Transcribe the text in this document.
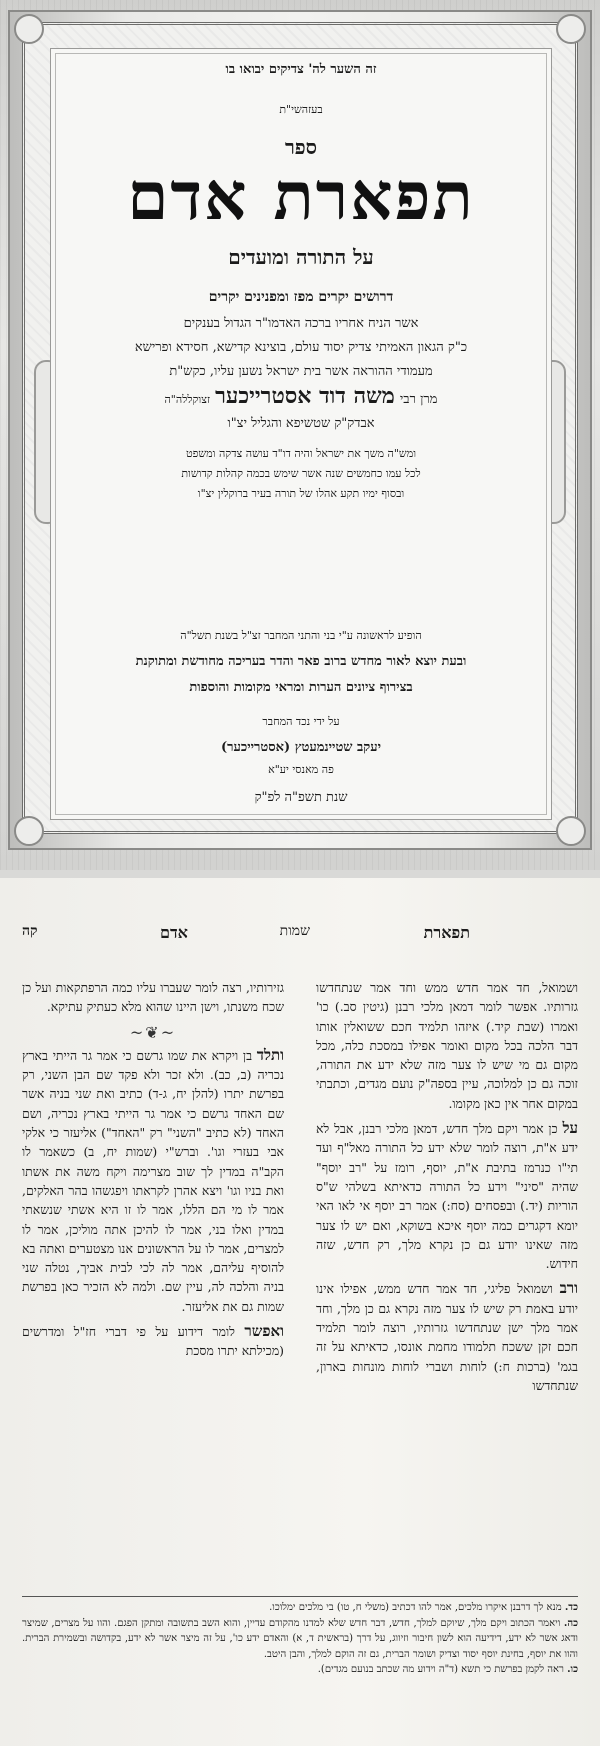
זה השער לה' צדיקים יבואו בו
בעזהשי"ת
ספר
תפארת אדם
על התורה ומועדים
דרושים יקרים מפז ומפנינים יקרים
אשר הניח אחריו ברכה האדמו"ר הגדול בענקים
כ"ק הגאון האמיתי צדיק יסוד עולם, בוצינא קדישא, חסידא ופרישא
מעמודי ההוראה אשר בית ישראל נשען עליו, כקש"ת
מרן רבי משה דוד אסטרייכער זצוקללה"ה
אבדק"ק שטשיפא והגליל יצ"ו
ומש"ה משך את ישראל והיה דו"ד עושה צדקה ומשפט
לכל עמו כחמשים שנה אשר שימש בכמה קהלות קדושות
ובסוף ימיו תקע אהלו של תורה בעיר ברוקלין יצ"ו
הופיע לראשונה ע"י בני והתני המחבר זצ"ל בשנת תשל"ה
ובעת יוצא לאור מחדש ברוב פאר והדר בעריכה מחודשת ומתוקנת
בצירוף ציונים הערות ומראי מקומות והוספות
על ידי נכד המחבר
יעקב שטיינמעטץ (אסטרייכער)
פה מאנסי יע"א
שנת תשפ"ה לפ"ק
תפארת
שמות
אדם
קה

ושמואל, חד אמר חדש ממש וחד אמר שנתחדשו גזרותיו. אפשר לומר דמאן מלכי רבנן (גיטין סב.) כו' ואמרו (שבת קיד.) איזהו תלמיד חכם ששואלין אותו דבר הלכה בכל מקום ואומר אפילו במסכת כלה, מכל מקום גם מי שיש לו צער מזה שלא ידע את התורה, זוכה גם כן למלוכה, עיין בספה"ק נועם מגדים, וכתבתי במקום אחר אין כאן מקומו.

על כן אמר ויקם מלך חדש, דמאן מלכי רבנן, אבל לא ידע א"ת, רוצה לומר שלא ידע כל התורה מאל"ף ועד תי"ו כנרמז בתיבת א"ת, יוסף, רומז על "רב יוסף" שהיה "סיני" וידע כל התורה כדאיתא בשלהי ש"ס הוריות (יד.) ובפסחים (סח:) אמר רב יוסף אי לאו האי יומא דקגרים כמה יוסף איכא בשוקא, ואם יש לו צער מזה שאינו יודע גם כן נקרא מלך, רק חדש, שזה חידוש.

ורב ושמואל פליגי, חד אמר חדש ממש, אפילו אינו יודע באמת רק שיש לו צער מזה נקרא גם כן מלך, וחד אמר מלך ישן שנתחדשו גזרותיו, רוצה לומר תלמיד חכם זקן ששכח תלמודו מחמת אונסו, כדאיתא על זה בגמ' (ברכות ח:) לוחות ושברי לוחות מונחות בארון, שנתחדשו

גזירותיו, רצה לומר שעברו עליו כמה הרפתקאות ועל כן שכח משנתו, וישן היינו שהוא מלא כעתיק עתיקא.

~❦~

ותלד בן ויקרא את שמו גרשם כי אמר גר הייתי בארץ נכריה (ב, כב). ולא זכר ולא פקד שם הבן השני, רק בפרשת יתרו (להלן יח, ג-ד) כתיב ואת שני בניה אשר שם האחד גרשם כי אמר גר הייתי בארץ נכריה, ושם האחד (לא כתיב "השני" רק "האחד") אליעזר כי אלקי אבי בעזרי וגו'. וברש"י (שמות יח, ב) כשאמר לו הקב"ה במדין לך שוב מצרימה ויקח משה את אשתו ואת בניו וגו' ויצא אהרן לקראתו ויפגשהו בהר האלקים, אמר לו מי הם הללו, אמר לו זו היא אשתי שנשאתי במדין ואלו בני, אמר לו להיכן אתה מוליכן, אמר לו למצרים, אמר לו על הראשונים אנו מצטערים ואתה בא להוסיף עליהם, אמר לה לכי לבית אביך, נטלה שני בניה והלכה לה, עיין שם. ולמה לא הזכיר כאן בפרשת שמות גם את אליעזר.

ואפשר לומר דידוע על פי דברי חז"ל ומדרשים (מכילתא יתרו מסכת

כד. מנא לך דרבנן איקרו מלכים, אמר להו דכתיב (משלי ח, טו) בי מלכים ימלוכו.

כה. ויאמר הכתוב ויקם מלך, שיוקם למלך, חדש, דבר חדש שלא למדנו מהקודם עדיין, והוא השב בתשובה ומתקן הפגם. והוו על מצרים, שמיצר ודאג אשר לא ידע, דידיעה הוא לשון חיבור וזיווג, על דרך (בראשית ד, א) והאדם ידע כו', על זה מיצר אשר לא ידע, בקדושה ובשמירת הברית. והוו את יוסף, בחינת יוסף יסוד וצדיק ושומר הברית, גם זה הוקם למלך, והבן היטב.

כו. ראה לקמן בפרשת כי תשא (ד"ה וידוע מה שכתב בנועם מגדים).
